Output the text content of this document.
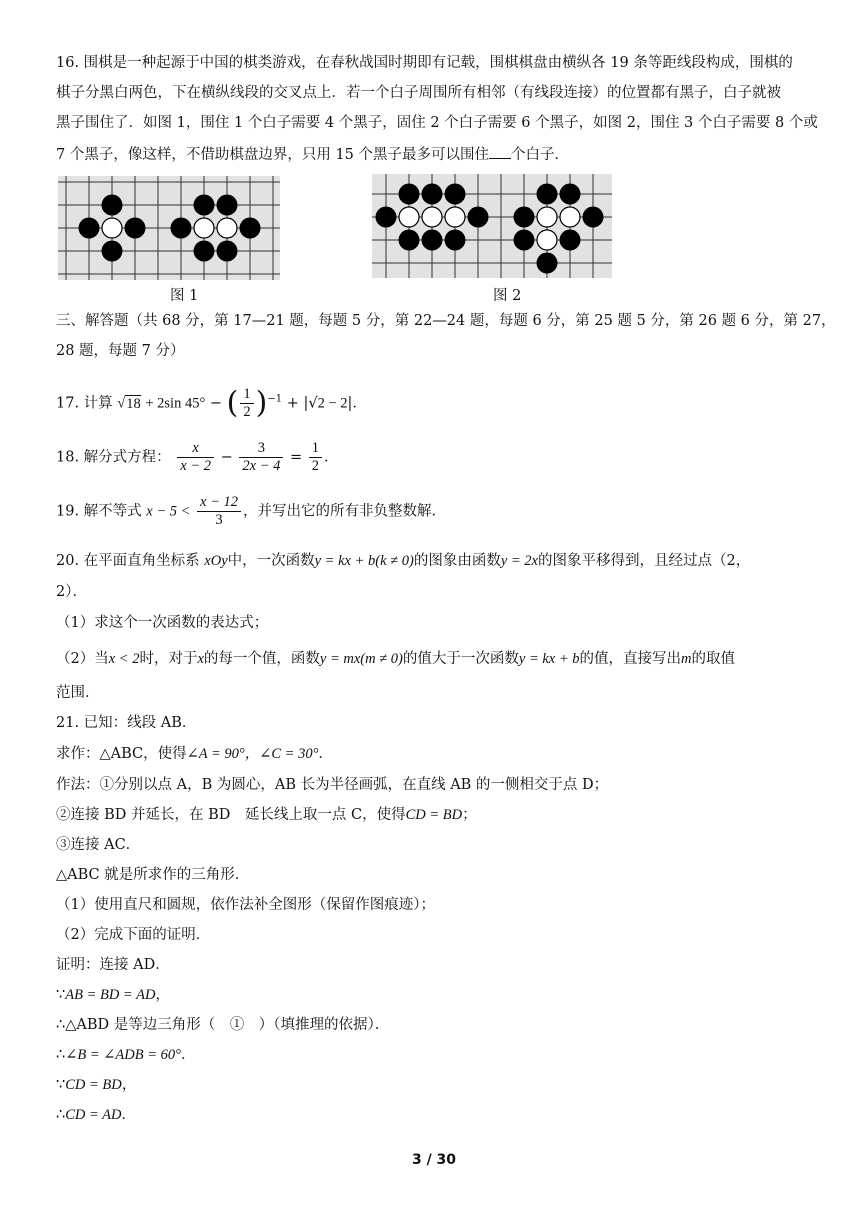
16. 围棋是一种起源于中国的棋类游戏，在春秋战国时期即有记载，围棋棋盘由横纵各 19 条等距线段构成，围棋的
棋子分黑白两色，下在横纵线段的交叉点上．若一个白子周围所有相邻（有线段连接）的位置都有黑子，白子就被
黑子围住了．如图 1，围住 1 个白子需要 4 个黑子，固住 2 个白子需要 6 个黑子，如图 2，围住 3 个白子需要 8 个或
7 个黑子，像这样，不借助棋盘边界，只用 15 个黑子最多可以围住 个白子．
图 1	图 2
三、解答题（共 68 分，第 17—21 题，每题 5 分，第 22—24 题，每题 6 分，第 25 题 5 分，第 26 题 6 分，第 27，
28 题，每题 7 分）
17. 计算 √18 + 2sin 45° − ( $\frac{1}{2} )^{-1} + |√2 - 2|$．
18. 解分式方程： $\frac{x}{x - 2} - \frac{3}{2x - 4} = \frac{1}{2}$ ．
19. 解不等式 $x - 5 < \frac{x - 12}{3}$ ，并写出它的所有非负整数解．
20. 在平面直角坐标系 xOy中，一次函数y = kx + b(k ≠ 0)的图象由函数y = 2x的图象平移得到，且经过点（2，
2）．
（1）求这个一次函数的表达式；
（2）当x < 2时，对于x的每一个值，函数y = mx(m ≠ 0)的值大于一次函数y = kx + b的值，直接写出m的取值
范围．
21. 已知：线段 AB．
求作：△ABC，使得∠A = 90°，∠C = 30°．
作法：①分别以点 A，B 为圆心，AB 长为半径画弧，在直线 AB 的一侧相交于点 D；
②连接 BD 并延长，在 BD　延长线上取一点 C，使得CD = BD；
③连接 AC．
△ABC 就是所求作的三角形．
（1）使用直尺和圆规，依作法补全图形（保留作图痕迹）；
（2）完成下面的证明．
证明：连接 AD．
∵AB = BD = AD，
∴△ABD 是等边三角形（　①　）（填推理的依据）．
∴∠B = ∠ADB = 60°．
∵CD = BD，
∴CD = AD．
3 / 30
